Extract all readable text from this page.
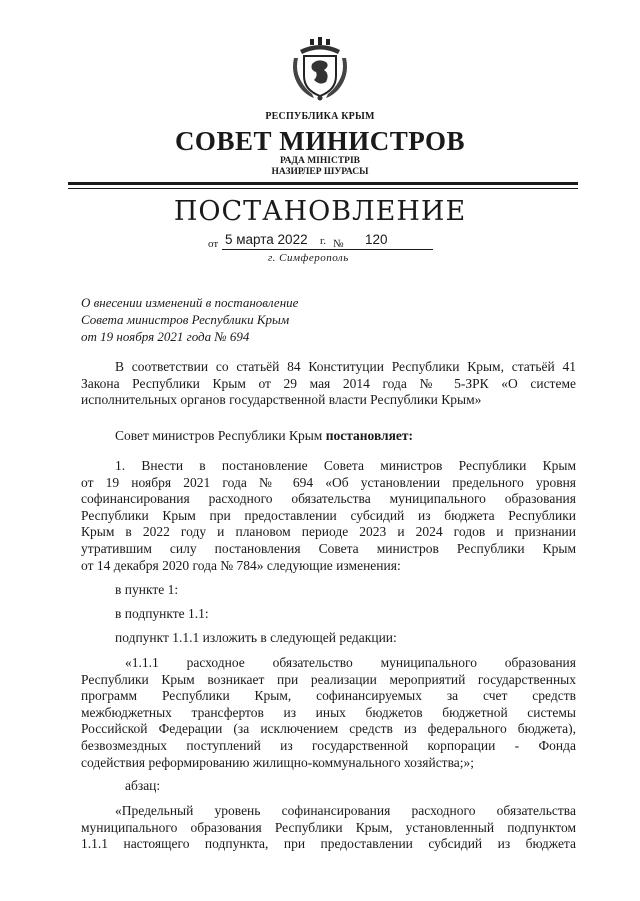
РЕСПУБЛИКА КРЫМ
СОВЕТ МИНИСТРОВ
РАДА МІНІСТРІВ
НАЗИРЛЕР ШУРАСЫ
ПОСТАНОВЛЕНИЕ
от 5 марта 2022 г. № 120
г. Симферополь
О внесении изменений в постановление
Совета министров Республики Крым
от 19 ноября 2021 года № 694
В соответствии со статьёй 84 Конституции Республики Крым, статьёй 41
Закона Республики Крым от 29 мая 2014 года № 5-ЗРК «О системе
исполнительных органов государственной власти Республики Крым»
Совет министров Республики Крым постановляет:
1. Внести в постановление Совета министров Республики Крым
от 19 ноября 2021 года № 694 «Об установлении предельного уровня
софинансирования расходного обязательства муниципального образования
Республики Крым при предоставлении субсидий из бюджета Республики
Крым в 2022 году и плановом периоде 2023 и 2024 годов и признании
утратившим силу постановления Совета министров Республики Крым
от 14 декабря 2020 года № 784» следующие изменения:
в пункте 1:
в подпункте 1.1:
подпункт 1.1.1 изложить в следующей редакции:
«1.1.1 расходное обязательство муниципального образования
Республики Крым возникает при реализации мероприятий государственных
программ Республики Крым, софинансируемых за счет средств
межбюджетных трансфертов из иных бюджетов бюджетной системы
Российской Федерации (за исключением средств из федерального бюджета),
безвозмездных поступлений из государственной корпорации - Фонда
содействия реформированию жилищно-коммунального хозяйства;»;
абзац:
«Предельный уровень софинансирования расходного обязательства
муниципального образования Республики Крым, установленный подпунктом
1.1.1 настоящего подпункта, при предоставлении субсидий из бюджета
